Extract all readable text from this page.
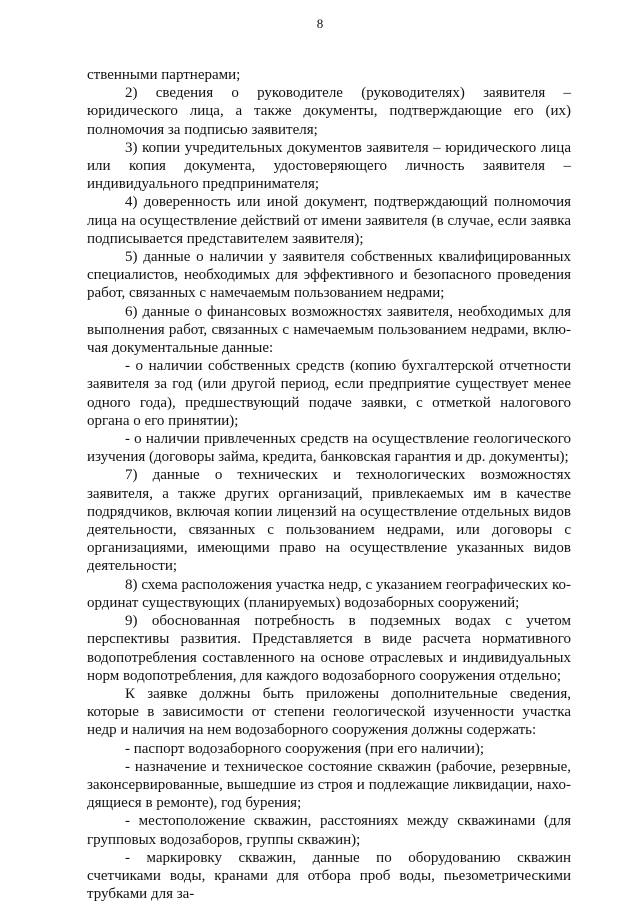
8

ственными партнерами;

2) сведения о руководителе (руководителях) заявителя – юридического лица, а также документы, подтверждающие его (их) полномочия за подписью заявителя;

3) копии учредительных документов заявителя – юридического лица или копия документа, удостоверяющего личность заявителя – индивидуального предпринимателя;

4) доверенность или иной документ, подтверждающий полномочия лица на осуществление действий от имени заявителя (в случае, если заявка подписывается представителем заявителя);

5) данные о наличии у заявителя собственных квалифицированных специалистов, необходимых для эффективного и безопасного проведения работ, связанных с намечаемым пользованием недрами;

6) данные о финансовых возможностях заявителя, необходимых для выполнения работ, связанных с намечаемым пользованием недрами, включая документальные данные:

- о наличии собственных средств (копию бухгалтерской отчетности заявителя за год (или другой период, если предприятие существует менее одного года), предшествующий подаче заявки, с отметкой налогового органа о его принятии);

- о наличии привлеченных средств на осуществление геологического изучения (договоры займа, кредита, банковская гарантия и др. документы);

7) данные о технических и технологических возможностях заявителя, а также других организаций, привлекаемых им в качестве подрядчиков, включая копии лицензий на осуществление отдельных видов деятельности, связанных с пользованием недрами, или договоры с организациями, имеющими право на осуществление указанных видов деятельности;

8) схема расположения участка недр, с указанием географических координат существующих (планируемых) водозаборных сооружений;

9) обоснованная потребность в подземных водах с учетом перспективы развития. Представляется в виде расчета нормативного водопотребления составленного на основе отраслевых и индивидуальных норм водопотребления, для каждого водозаборного сооружения отдельно;

К заявке должны быть приложены дополнительные сведения, которые в зависимости от степени геологической изученности участка недр и наличия на нем водозаборного сооружения должны содержать:

- паспорт водозаборного сооружения (при его наличии);

- назначение и техническое состояние скважин (рабочие, резервные, законсервированные, вышедшие из строя и подлежащие ликвидации, находящиеся в ремонте), год бурения;

- местоположение скважин, расстояниях между скважинами (для групповых водозаборов, группы скважин);

- маркировку скважин, данные по оборудованию скважин счетчиками воды, кранами для отбора проб воды, пьезометрическими трубками для за-
